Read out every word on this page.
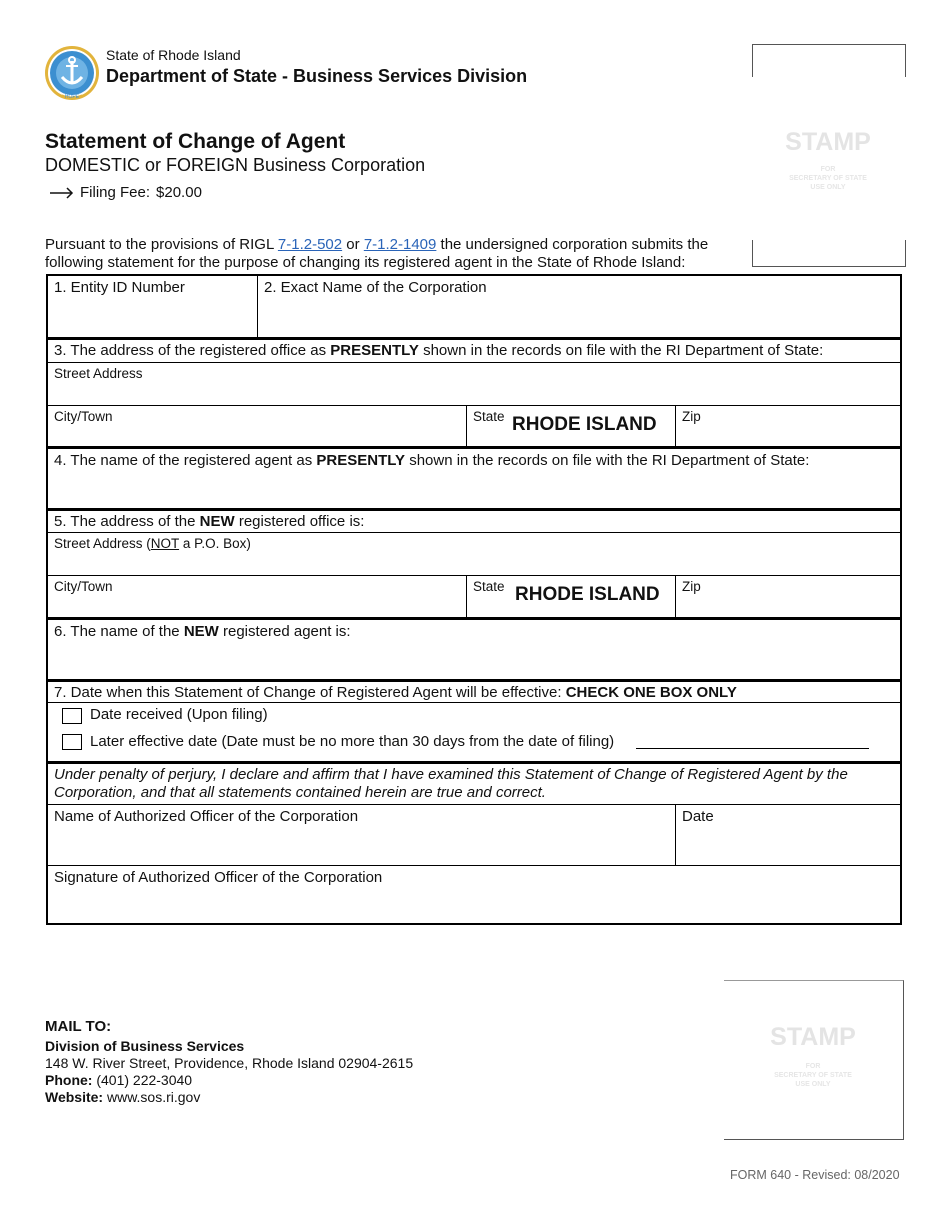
HOPE
State of Rhode Island
Department of State - Business Services Division
Statement of Change of Agent
DOMESTIC or FOREIGN Business Corporation
Filing Fee: $20.00
STAMP
FOR
SECRETARY OF STATE
USE ONLY
Pursuant to the provisions of RIGL 7-1.2-502 or 7-1.2-1409 the undersigned corporation submits the following statement for the purpose of changing its registered agent in the State of Rhode Island:
1. Entity ID Number	2. Exact Name of the Corporation
3. The address of the registered office as PRESENTLY shown in the records on file with the RI Department of State:
Street Address
City/Town	State RHODE ISLAND	Zip
4. The name of the registered agent as PRESENTLY shown in the records on file with the RI Department of State:
5. The address of the NEW registered office is:
Street Address (NOT a P.O. Box)
City/Town	State RHODE ISLAND	Zip
6. The name of the NEW registered agent is:
7. Date when this Statement of Change of Registered Agent will be effective: CHECK ONE BOX ONLY
Date received (Upon filing)
Later effective date (Date must be no more than 30 days from the date of filing)
Under penalty of perjury, I declare and affirm that I have examined this Statement of Change of Registered Agent by the Corporation, and that all statements contained herein are true and correct.
Name of Authorized Officer of the Corporation	Date
Signature of Authorized Officer of the Corporation
MAIL TO:
Division of Business Services
148 W. River Street, Providence, Rhode Island 02904-2615
Phone: (401) 222-3040
Website: www.sos.ri.gov
STAMP
FOR
SECRETARY OF STATE
USE ONLY
FORM 640 - Revised: 08/2020
